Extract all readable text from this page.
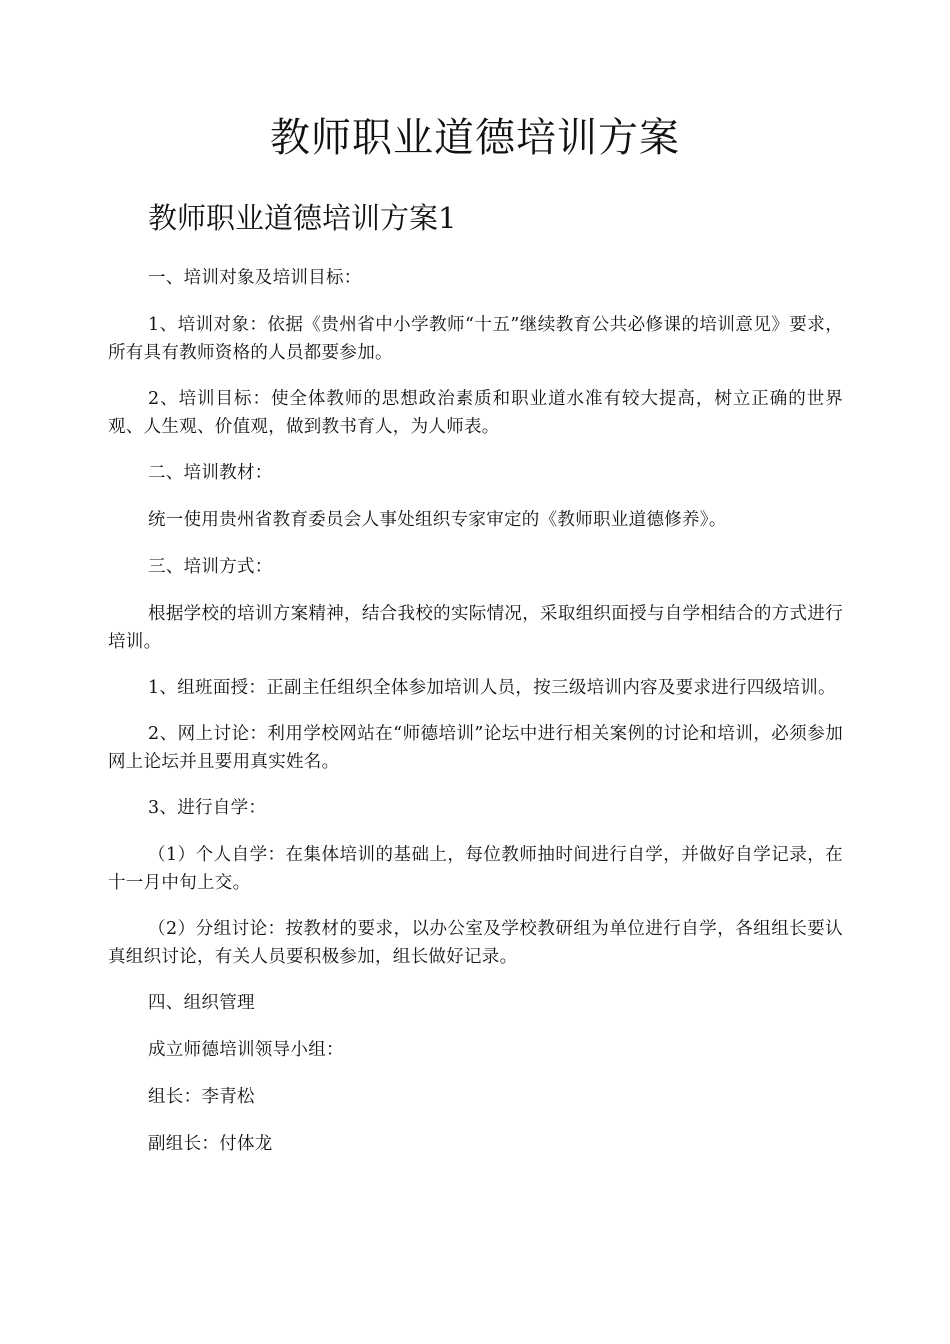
教师职业道德培训方案
教师职业道德培训方案1

一、培训对象及培训目标：

1、培训对象：依据《贵州省中小学教师“十五”继续教育公共必修课的培训意见》要求，所有具有教师资格的人员都要参加。

2、培训目标：使全体教师的思想政治素质和职业道水准有较大提高，树立正确的世界观、人生观、价值观，做到教书育人，为人师表。

二、培训教材：

统一使用贵州省教育委员会人事处组织专家审定的《教师职业道德修养》。

三、培训方式：

根据学校的培训方案精神，结合我校的实际情况，采取组织面授与自学相结合的方式进行培训。

1、组班面授：正副主任组织全体参加培训人员，按三级培训内容及要求进行四级培训。

2、网上讨论：利用学校网站在“师德培训”论坛中进行相关案例的讨论和培训，必须参加网上论坛并且要用真实姓名。

3、进行自学：

（1）个人自学：在集体培训的基础上，每位教师抽时间进行自学，并做好自学记录，在十一月中旬上交。

（2）分组讨论：按教材的要求，以办公室及学校教研组为单位进行自学，各组组长要认真组织讨论，有关人员要积极参加，组长做好记录。

四、组织管理

成立师德培训领导小组：

组长：李青松

副组长：付体龙
